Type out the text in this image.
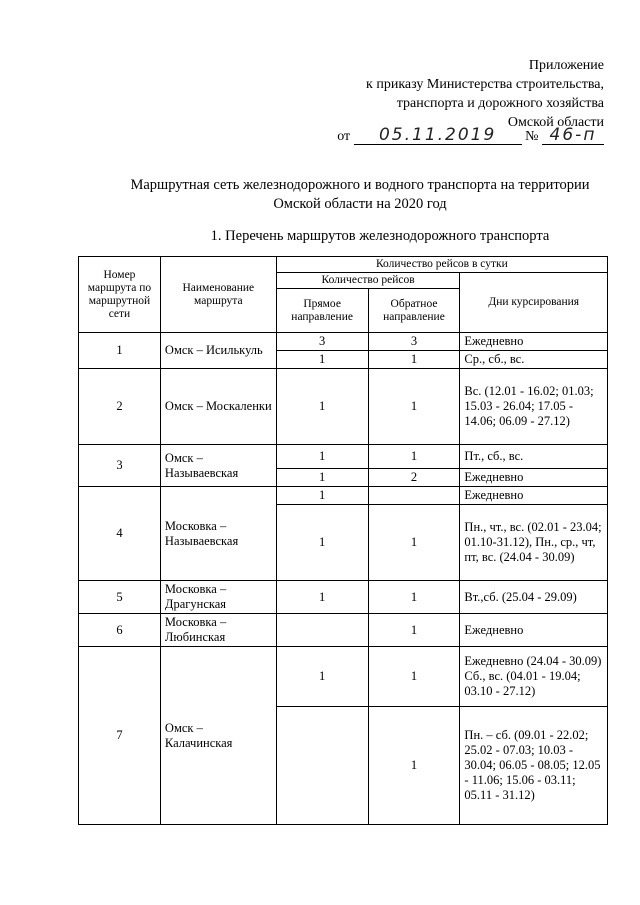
Приложение
к приказу Министерства строительства,
транспорта и дорожного хозяйства
Омской области
от 05.11.2019 № 46-п
Маршрутная сеть железнодорожного и водного транспорта на территории
Омской области на 2020 год
1. Перечень маршрутов железнодорожного транспорта
Номер маршрута по маршрутной сети	Наименование маршрута	Количество рейсов в сутки		
		Количество рейсов		Дни курсирования
		Прямое направление	Обратное направление	
1	Омск – Исилькуль	3	3	Ежедневно
		1	1	Ср., сб., вс.
2	Омск – Москаленки	1	1	Вс. (12.01 - 16.02; 01.03; 15.03 - 26.04; 17.05 - 14.06; 06.09 - 27.12)
3	Омск – Называевская	1	1	Пт., сб., вс.
		1	2	Ежедневно
4	Московка – Называевская	1		Ежедневно
		1	1	Пн., чт., вс. (02.01 - 23.04; 01.10-31.12), Пн., ср., чт, пт, вс. (24.04 - 30.09)
5	Московка – Драгунская	1	1	Вт.,сб. (25.04 - 29.09)
6	Московка – Любинская		1	Ежедневно
7	Омск – Калачинская	1	1	Ежедневно (24.04 - 30.09) Сб., вс. (04.01 - 19.04; 03.10 - 27.12)
			1	Пн. – сб. (09.01 - 22.02; 25.02 - 07.03; 10.03 - 30.04; 06.05 - 08.05; 12.05 - 11.06; 15.06 - 03.11; 05.11 - 31.12)
